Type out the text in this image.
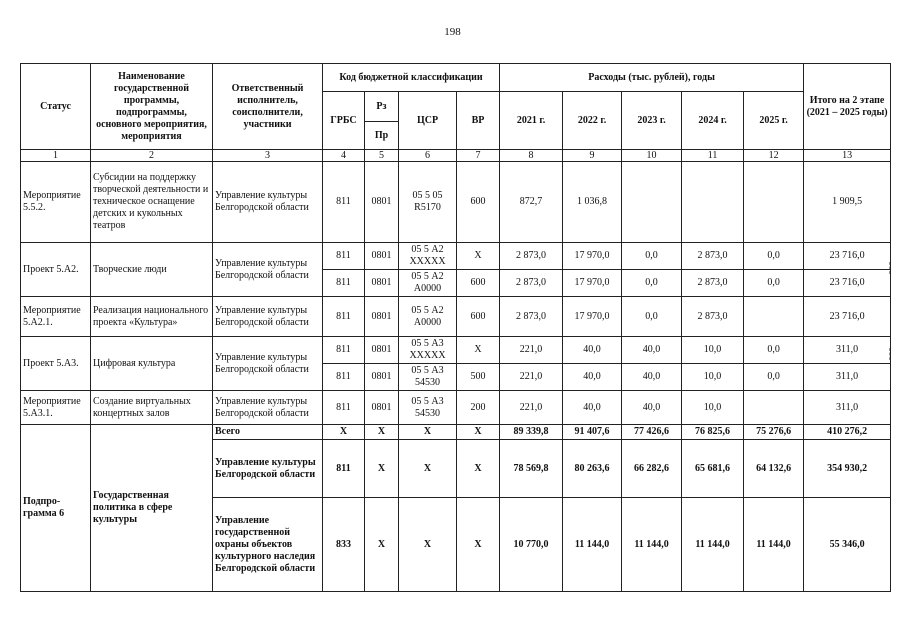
198
Статус	Наименование государственной программы, подпрограммы, основного мероприятия, мероприятия	Ответственный исполнитель, соисполнители, участники	Код бюджетной классификации				Расходы (тыс. рублей), годы					Итого на 2 этапе (2021 – 2025 годы)
			ГРБС	Рз	ЦСР	ВР	2021 г.	2022 г.	2023 г.	2024 г.	2025 г.	
				Пр								
1	2	3	4	5	6	7	8	9	10	11	12	13
Мероприятие 5.5.2.	Субсидии на поддержку творческой деятельности и техническое оснащение детских и кукольных театров	Управление культуры Белгородской области	811	0801	05 5 05 R5170	600	872,7	1 036,8				1 909,5
Проект 5.А2.	Творческие люди	Управление культуры Белгородской области	811	0801	05 5 А2 ХХХХХ	Х	2 873,0	17 970,0	0,0	2 873,0	0,0	23 716,0
			811	0801	05 5 А2 А0000	600	2 873,0	17 970,0	0,0	2 873,0	0,0	23 716,0
Мероприятие 5.А2.1.	Реализация национального проекта «Культура»	Управление культуры Белгородской области	811	0801	05 5 А2 А0000	600	2 873,0	17 970,0	0,0	2 873,0		23 716,0
Проект 5.А3.	Цифровая культура	Управление культуры Белгородской области	811	0801	05 5 А3 ХХХХХ	Х	221,0	40,0	40,0	10,0	0,0	311,0
			811	0801	05 5 А3 54530	500	221,0	40,0	40,0	10,0	0,0	311,0
Мероприятие 5.А3.1.	Создание виртуальных концертных залов	Управление культуры Белгородской области	811	0801	05 5 А3 54530	200	221,0	40,0	40,0	10,0		311,0
Подпро-грамма 6	Государственная политика в сфере культуры	Всего	Х	Х	Х	Х	89 339,8	91 407,6	77 426,6	76 825,6	75 276,6	410 276,2
		Управление культуры Белгородской области	811	Х	Х	Х	78 569,8	80 263,6	66 282,6	65 681,6	64 132,6	354 930,2
		Управление государственной охраны объектов культурного наследия Белгородской области	833	Х	Х	Х	10 770,0	11 144,0	11 144,0	11 144,0	11 144,0	55 346,0
